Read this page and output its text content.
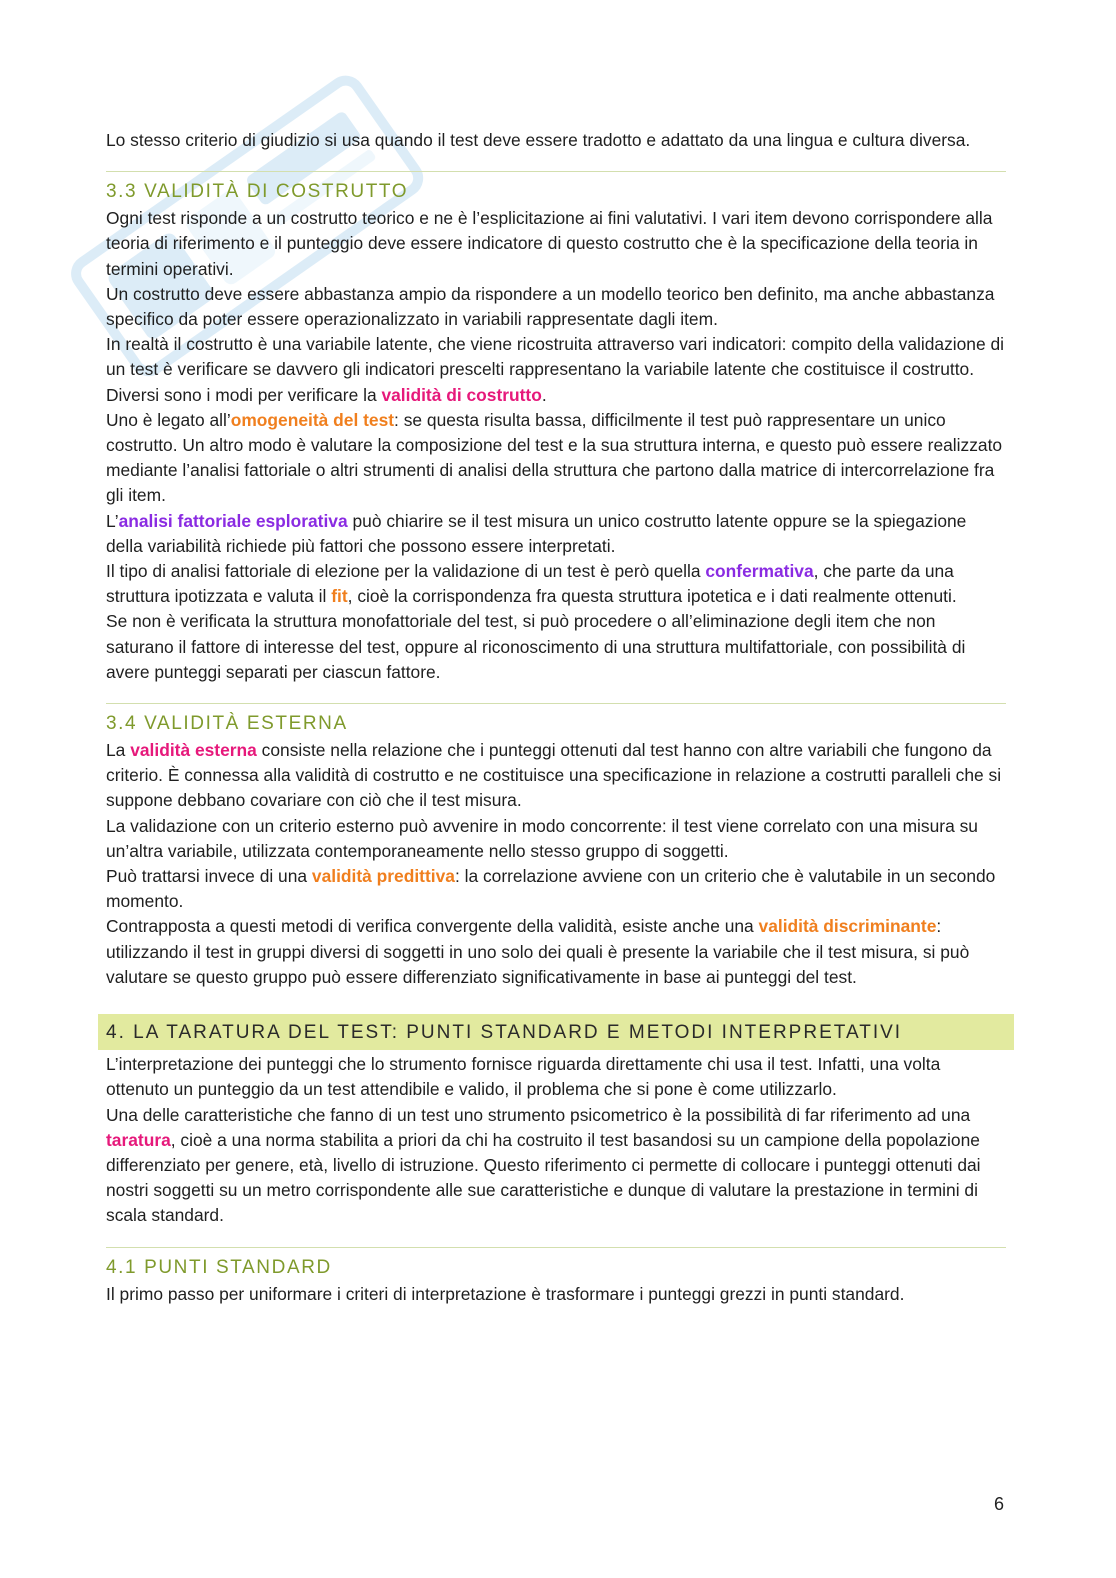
Lo stesso criterio di giudizio si usa quando il test deve essere tradotto e adattato da una lingua e cultura diversa.

3.3 VALIDITÀ DI COSTRUTTO

Ogni test risponde a un costrutto teorico e ne è l’esplicitazione ai fini valutativi. I vari item devono corrispondere alla teoria di riferimento e il punteggio deve essere indicatore di questo costrutto che è la specificazione della teoria in termini operativi.

Un costrutto deve essere abbastanza ampio da rispondere a un modello teorico ben definito, ma anche abbastanza specifico da poter essere operazionalizzato in variabili rappresentate dagli item.

In realtà il costrutto è una variabile latente, che viene ricostruita attraverso vari indicatori: compito della validazione di un test è verificare se davvero gli indicatori prescelti rappresentano la variabile latente che costituisce il costrutto.

Diversi sono i modi per verificare la validità di costrutto.

Uno è legato all’omogeneità del test: se questa risulta bassa, difficilmente il test può rappresentare un unico costrutto. Un altro modo è valutare la composizione del test e la sua struttura interna, e questo può essere realizzato mediante l’analisi fattoriale o altri strumenti di analisi della struttura che partono dalla matrice di intercorrelazione fra gli item.

L’analisi fattoriale esplorativa può chiarire se il test misura un unico costrutto latente oppure se la spiegazione della variabilità richiede più fattori che possono essere interpretati.

Il tipo di analisi fattoriale di elezione per la validazione di un test è però quella confermativa, che parte da una struttura ipotizzata e valuta il fit, cioè la corrispondenza fra questa struttura ipotetica e i dati realmente ottenuti.

Se non è verificata la struttura monofattoriale del test, si può procedere o all’eliminazione degli item che non saturano il fattore di interesse del test, oppure al riconoscimento di una struttura multifattoriale, con possibilità di avere punteggi separati per ciascun fattore.

3.4 VALIDITÀ ESTERNA

La validità esterna consiste nella relazione che i punteggi ottenuti dal test hanno con altre variabili che fungono da criterio. È connessa alla validità di costrutto e ne costituisce una specificazione in relazione a costrutti paralleli che si suppone debbano covariare con ciò che il test misura.

La validazione con un criterio esterno può avvenire in modo concorrente: il test viene correlato con una misura su un’altra variabile, utilizzata contemporaneamente nello stesso gruppo di soggetti.

Può trattarsi invece di una validità predittiva: la correlazione avviene con un criterio che è valutabile in un secondo momento.

Contrapposta a questi metodi di verifica convergente della validità, esiste anche una validità discriminante: utilizzando il test in gruppi diversi di soggetti in uno solo dei quali è presente la variabile che il test misura, si può valutare se questo gruppo può essere differenziato significativamente in base ai punteggi del test.

4. LA TARATURA DEL TEST: PUNTI STANDARD E METODI INTERPRETATIVI

L’interpretazione dei punteggi che lo strumento fornisce riguarda direttamente chi usa il test. Infatti, una volta ottenuto un punteggio da un test attendibile e valido, il problema che si pone è come utilizzarlo.

Una delle caratteristiche che fanno di un test uno strumento psicometrico è la possibilità di far riferimento ad una taratura, cioè a una norma stabilita a priori da chi ha costruito il test basandosi su un campione della popolazione differenziato per genere, età, livello di istruzione. Questo riferimento ci permette di collocare i punteggi ottenuti dai nostri soggetti su un metro corrispondente alle sue caratteristiche e dunque di valutare la prestazione in termini di scala standard.

4.1 PUNTI STANDARD

Il primo passo per uniformare i criteri di interpretazione è trasformare i punteggi grezzi in punti standard.

6
